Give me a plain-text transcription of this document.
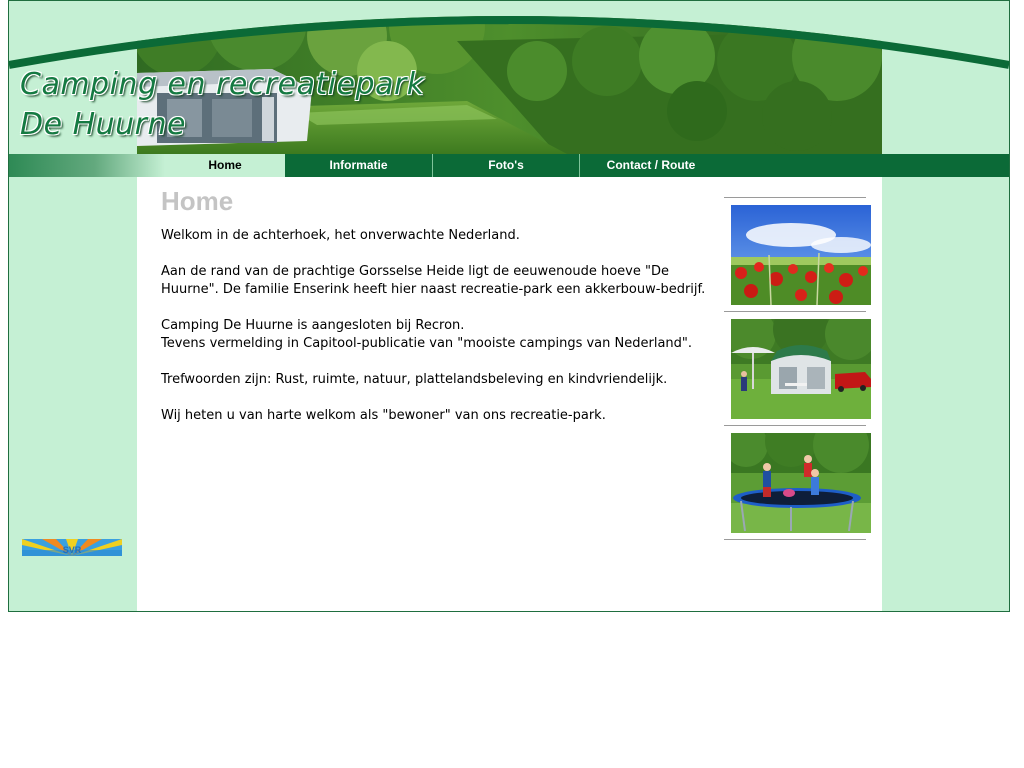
Camping en recreatiepark
De Huurne
Home	Informatie	Foto's	Contact / Route
Home

Welkom in de achterhoek, het onverwachte Nederland.

Aan de rand van de prachtige Gorsselse Heide ligt de eeuwenoude hoeve "De Huurne". De familie Enserink heeft hier naast recreatie-park een akkerbouw-bedrijf.

Camping De Huurne is aangesloten bij Recron.

Tevens vermelding in Capitool-publicatie van "mooiste campings van Nederland".

Trefwoorden zijn: Rust, ruimte, natuur, plattelandsbeleving en kindvriendelijk.

Wij heten u van harte welkom als "bewoner" van ons recreatie-park.

SVR
